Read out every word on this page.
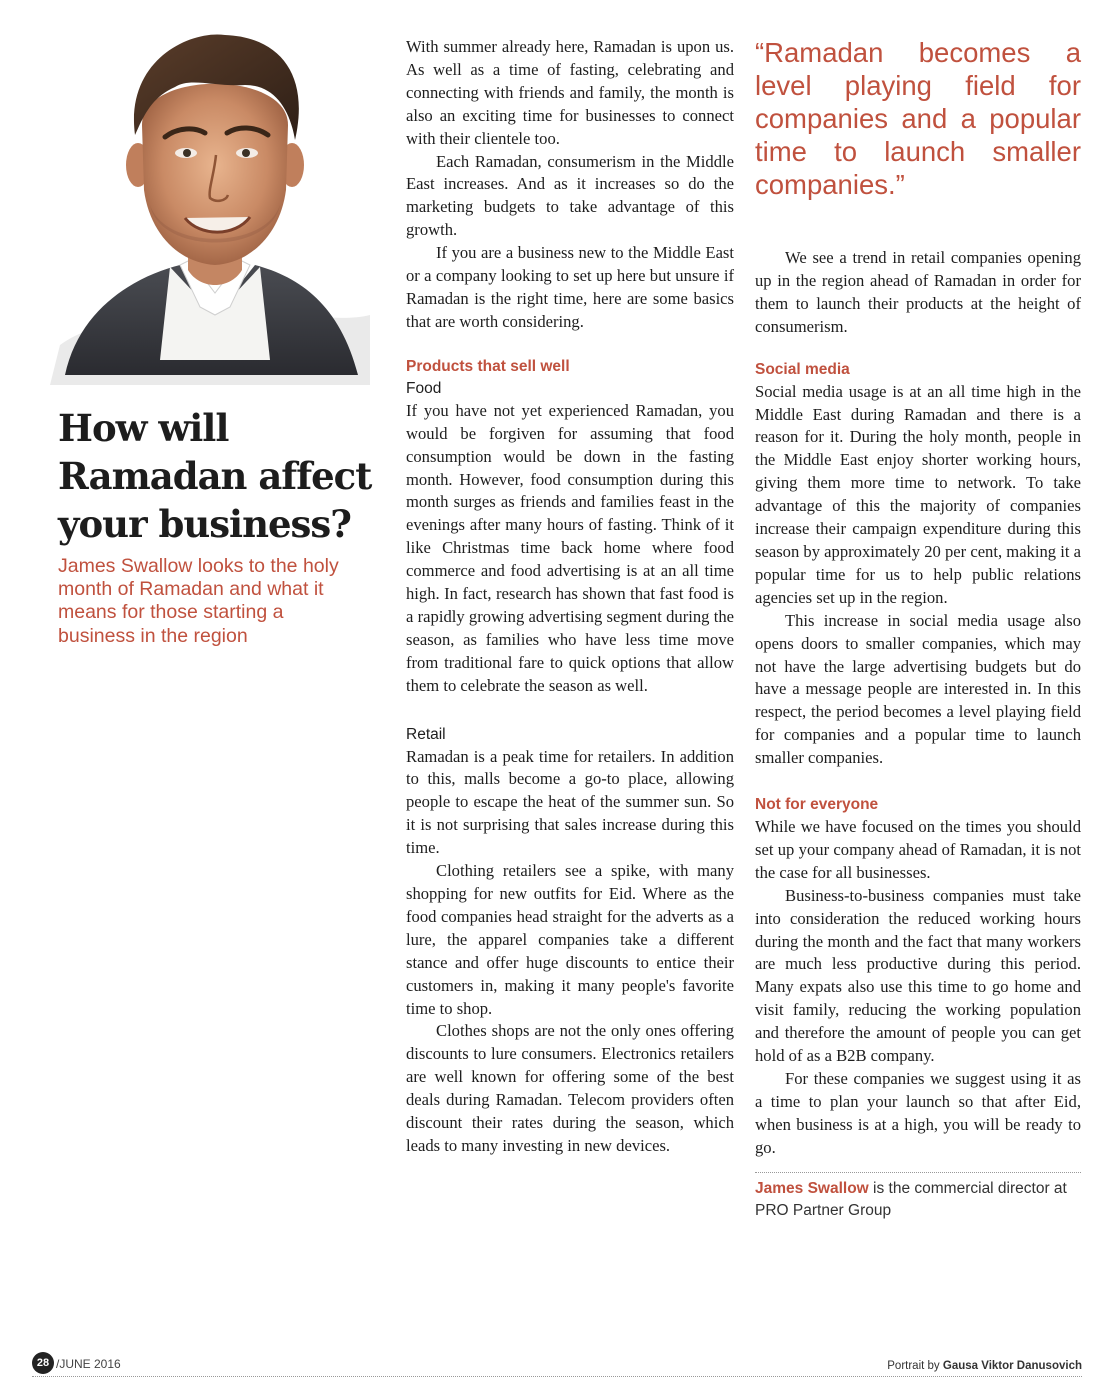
How will
Ramadan affect
your business?
James Swallow looks to the holy month of Ramadan and what it means for those starting a business in the region

With summer already here, Ramadan is upon us. As well as a time of fasting, celebrating and connecting with friends and family, the month is also an exciting time for businesses to connect with their clientele too.

Each Ramadan, consumerism in the Middle East increases. And as it increases so do the marketing budgets to take advantage of this growth.

If you are a business new to the Middle East or a company looking to set up here but unsure if Ramadan is the right time, here are some basics that are worth considering.

Products that sell well

Food

If you have not yet experienced Ramadan, you would be forgiven for assuming that food consumption would be down in the fasting month. However, food consumption during this month surges as friends and families feast in the evenings after many hours of fasting. Think of it like Christmas time back home where food commerce and food advertising is at an all time high. In fact, research has shown that fast food is a rapidly growing advertising segment during the season, as families who have less time move from traditional fare to quick options that allow them to celebrate the season as well.

Retail

Ramadan is a peak time for retailers. In addition to this, malls become a go-to place, allowing people to escape the heat of the summer sun. So it is not surprising that sales increase during this time.

Clothing retailers see a spike, with many shopping for new outfits for Eid. Where as the food companies head straight for the adverts as a lure, the apparel companies take a different stance and offer huge discounts to entice their customers in, making it many people's favorite time to shop.

Clothes shops are not the only ones offering discounts to lure consumers. Electronics retailers are well known for offering some of the best deals during Ramadan. Telecom providers often discount their rates during the season, which leads to many investing in new devices.

“Ramadan becomes a level playing field for companies and a popular time to launch smaller companies.”

We see a trend in retail companies opening up in the region ahead of Ramadan in order for them to launch their products at the height of consumerism.

Social media

Social media usage is at an all time high in the Middle East during Ramadan and there is a reason for it. During the holy month, people in the Middle East enjoy shorter working hours, giving them more time to network. To take advantage of this the majority of companies increase their campaign expenditure during this season by approximately 20 per cent, making it a popular time for us to help public relations agencies set up in the region.

This increase in social media usage also opens doors to smaller companies, which may not have the large advertising budgets but do have a message people are interested in. In this respect, the period becomes a level playing field for companies and a popular time to launch smaller companies.

Not for everyone

While we have focused on the times you should set up your company ahead of Ramadan, it is not the case for all businesses.

Business-to-business companies must take into consideration the reduced working hours during the month and the fact that many workers are much less productive during this period. Many expats also use this time to go home and visit family, reducing the working population and therefore the amount of people you can get hold of as a B2B company.

For these companies we suggest using it as a time to plan your launch so that after Eid, when business is at a high, you will be ready to go.

James Swallow is the commercial director at PRO Partner Group
28 /JUNE 2016	Portrait by Gausa Viktor Danusovich
